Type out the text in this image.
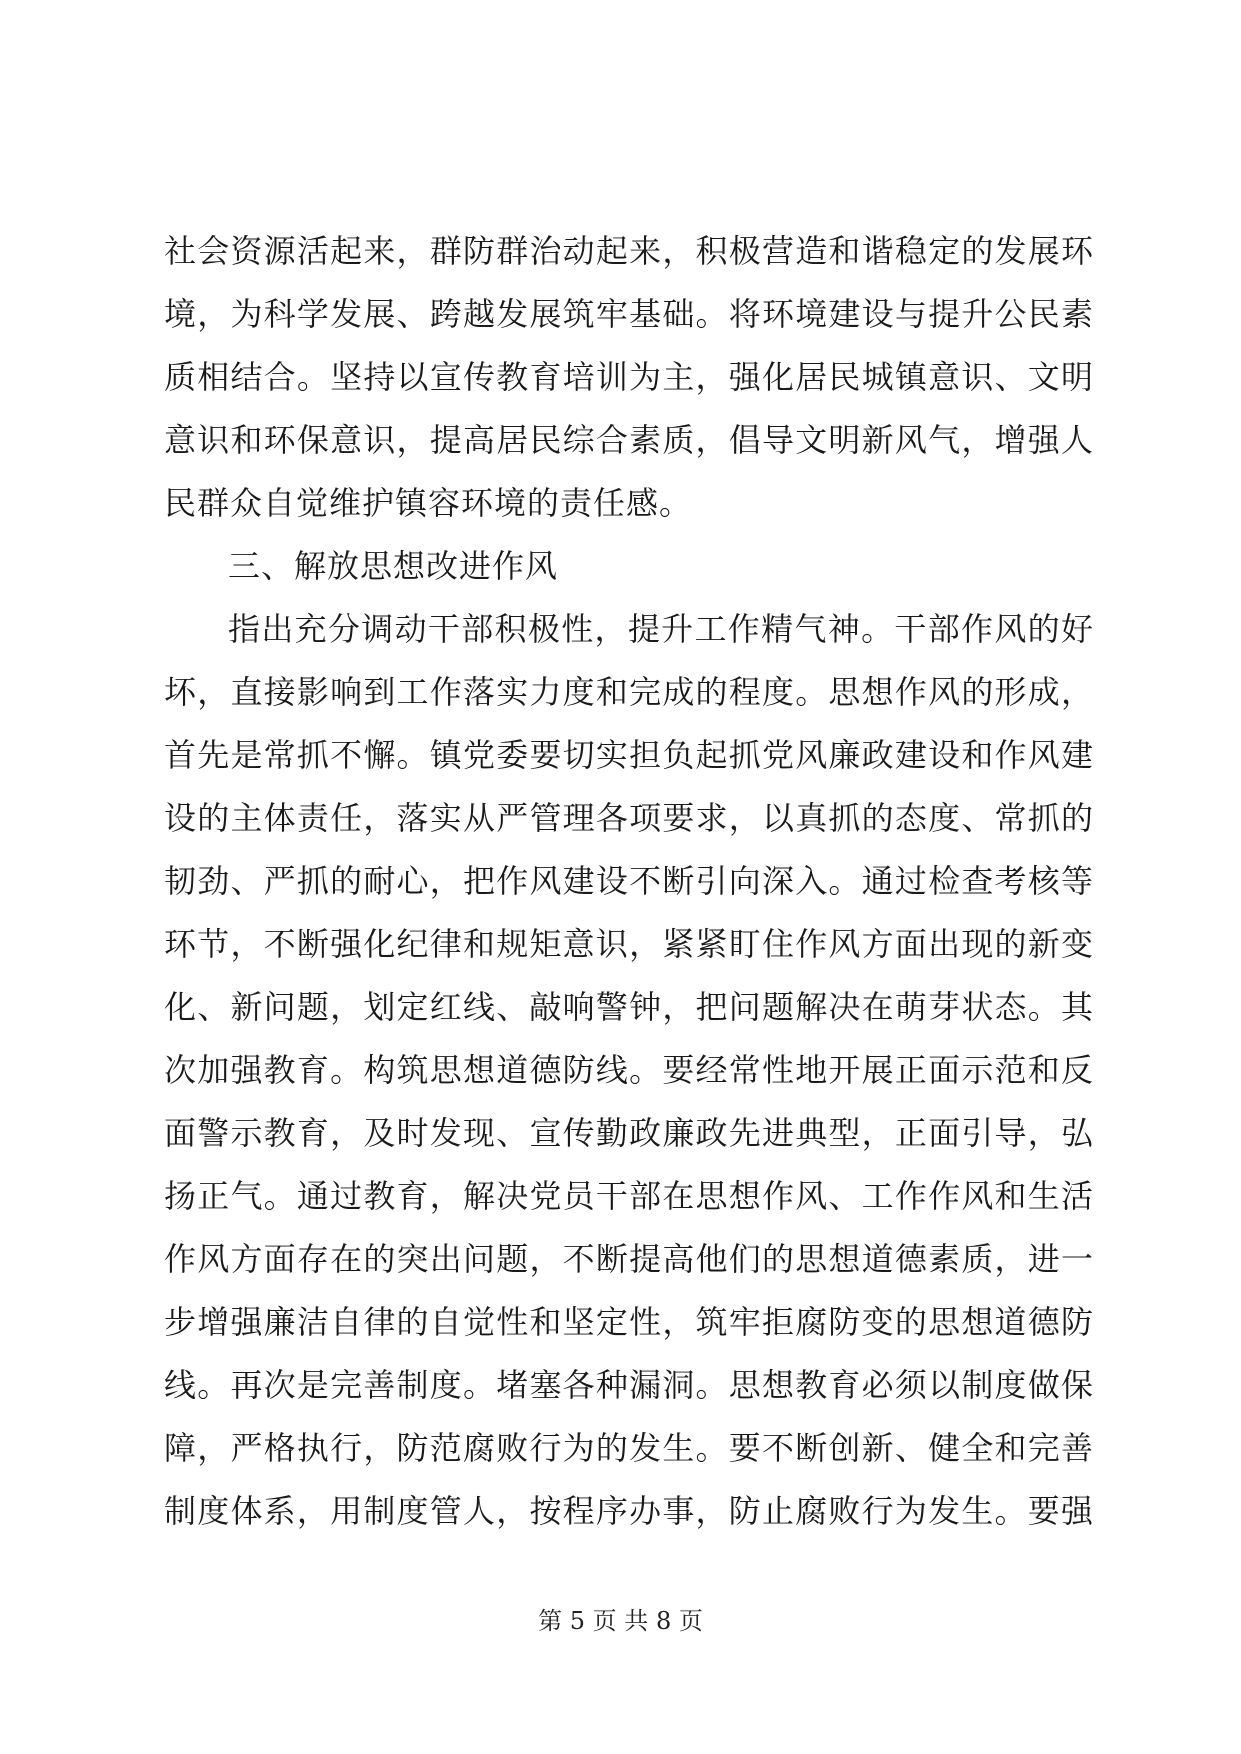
社会资源活起来，群防群治动起来，积极营造和谐稳定的发展环
境，为科学发展、跨越发展筑牢基础。将环境建设与提升公民素
质相结合。坚持以宣传教育培训为主，强化居民城镇意识、文明
意识和环保意识，提高居民综合素质，倡导文明新风气，增强人
民群众自觉维护镇容环境的责任感。
三、解放思想改进作风
指出充分调动干部积极性，提升工作精气神。干部作风的好
坏，直接影响到工作落实力度和完成的程度。思想作风的形成，
首先是常抓不懈。镇党委要切实担负起抓党风廉政建设和作风建
设的主体责任，落实从严管理各项要求，以真抓的态度、常抓的
韧劲、严抓的耐心，把作风建设不断引向深入。通过检查考核等
环节，不断强化纪律和规矩意识，紧紧盯住作风方面出现的新变
化、新问题，划定红线、敲响警钟，把问题解决在萌芽状态。其
次加强教育。构筑思想道德防线。要经常性地开展正面示范和反
面警示教育，及时发现、宣传勤政廉政先进典型，正面引导，弘
扬正气。通过教育，解决党员干部在思想作风、工作作风和生活
作风方面存在的突出问题，不断提高他们的思想道德素质，进一
步增强廉洁自律的自觉性和坚定性，筑牢拒腐防变的思想道德防
线。再次是完善制度。堵塞各种漏洞。思想教育必须以制度做保
障，严格执行，防范腐败行为的发生。要不断创新、健全和完善
制度体系，用制度管人，按程序办事，防止腐败行为发生。要强
第 5 页 共 8 页
